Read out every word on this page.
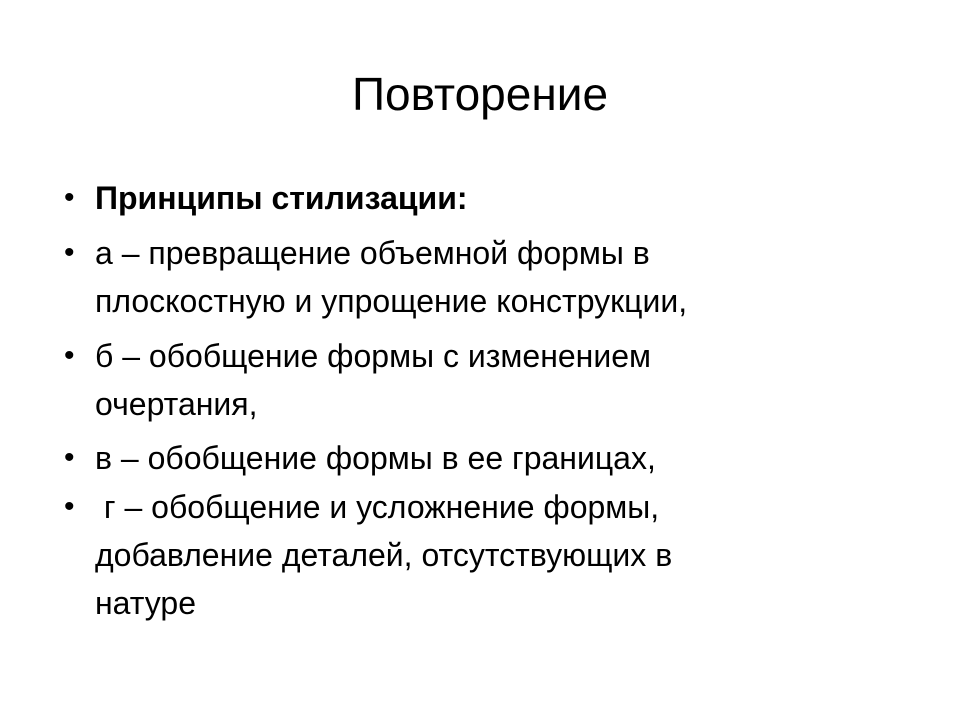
Повторение
• Принципы стилизации:
• а – превращение объемной формы в
плоскостную и упрощение конструкции,
• б – обобщение формы с изменением
очертания,
• в – обобщение формы в ее границах,
• г – обобщение и усложнение формы,
добавление деталей, отсутствующих в
натуре
